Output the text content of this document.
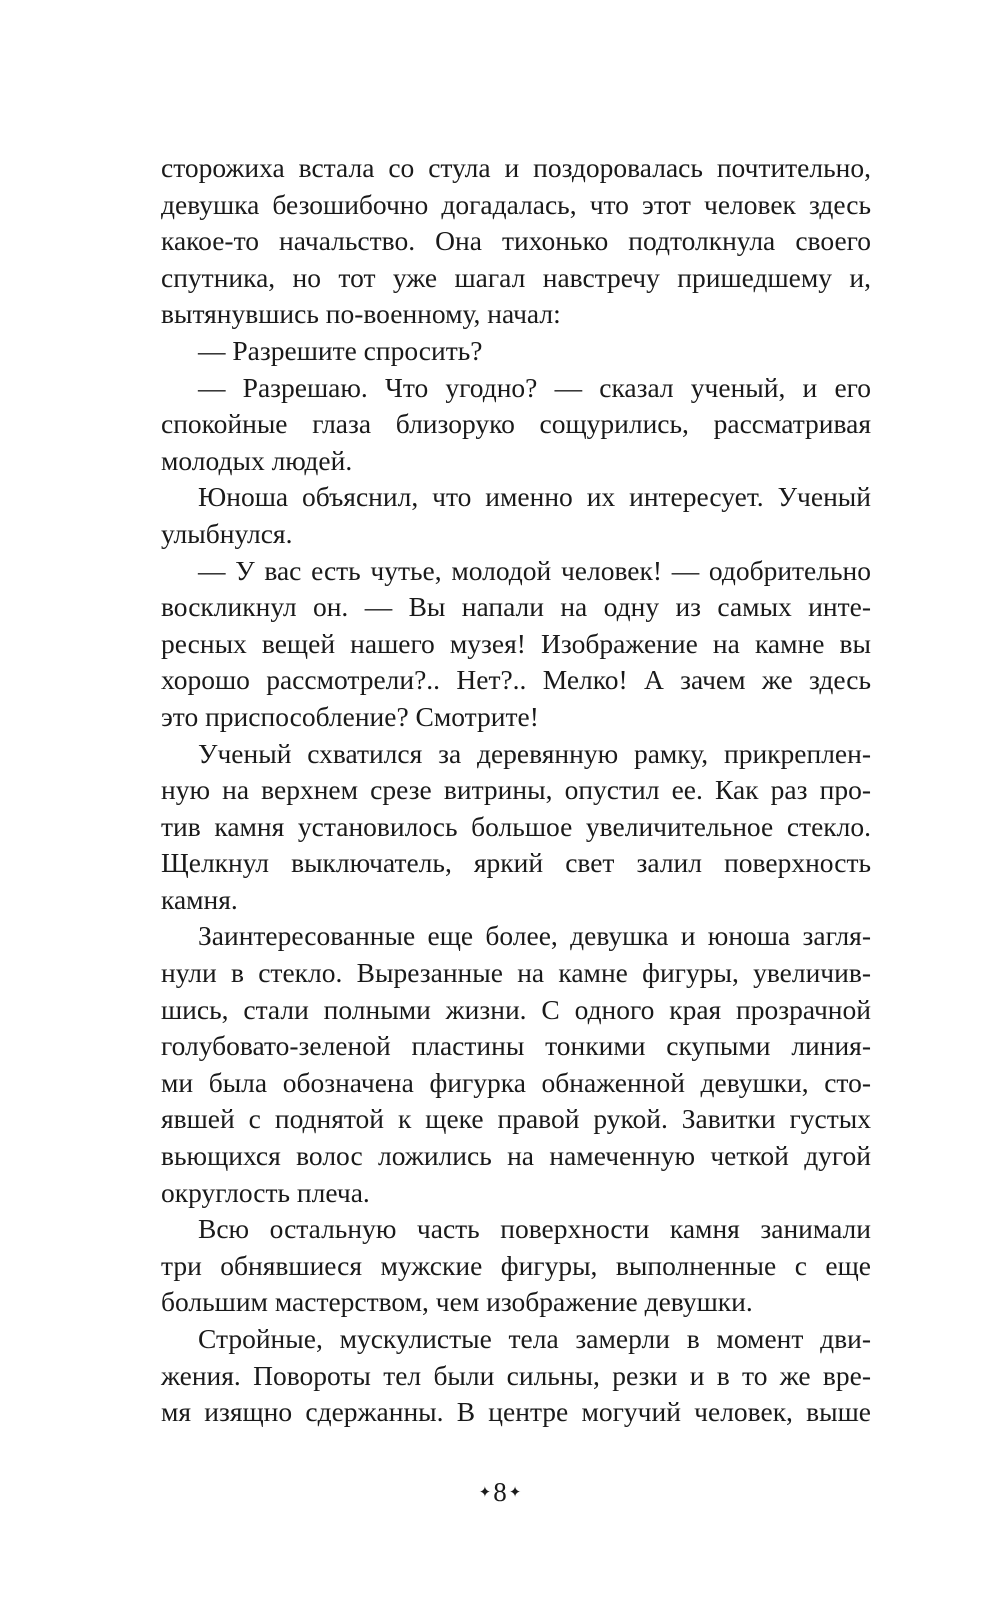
сторожиха встала со стула и поздоровалась почтительно,
девушка безошибочно догадалась, что этот человек здесь
какое-то начальство. Она тихонько подтолкнула своего
спутника, но тот уже шагал навстречу пришедшему и,
вытянувшись по-военному, начал:
— Разрешите спросить?
— Разрешаю. Что угодно? — сказал ученый, и его
спокойные глаза близоруко сощурились, рассматривая
молодых людей.
Юноша объяснил, что именно их интересует. Ученый
улыбнулся.
— У вас есть чутье, молодой человек! — одобрительно
воскликнул он. — Вы напали на одну из самых инте-
ресных вещей нашего музея! Изображение на камне вы
хорошо рассмотрели?.. Нет?.. Мелко! А зачем же здесь
это приспособление? Смотрите!
Ученый схватился за деревянную рамку, прикреплен-
ную на верхнем срезе витрины, опустил ее. Как раз про-
тив камня установилось большое увеличительное стекло.
Щелкнул выключатель, яркий свет залил поверхность
камня.
Заинтересованные еще более, девушка и юноша загля-
нули в стекло. Вырезанные на камне фигуры, увеличив-
шись, стали полными жизни. С одного края прозрачной
голубовато-зеленой пластины тонкими скупыми линия-
ми была обозначена фигурка обнаженной девушки, сто-
явшей с поднятой к щеке правой рукой. Завитки густых
вьющихся волос ложились на намеченную четкой дугой
округлость плеча.
Всю остальную часть поверхности камня занимали
три обнявшиеся мужские фигуры, выполненные с еще
большим мастерством, чем изображение девушки.
Стройные, мускулистые тела замерли в момент дви-
жения. Повороты тел были сильны, резки и в то же вре-
мя изящно сдержанны. В центре могучий человек, выше
✦8 ✦
